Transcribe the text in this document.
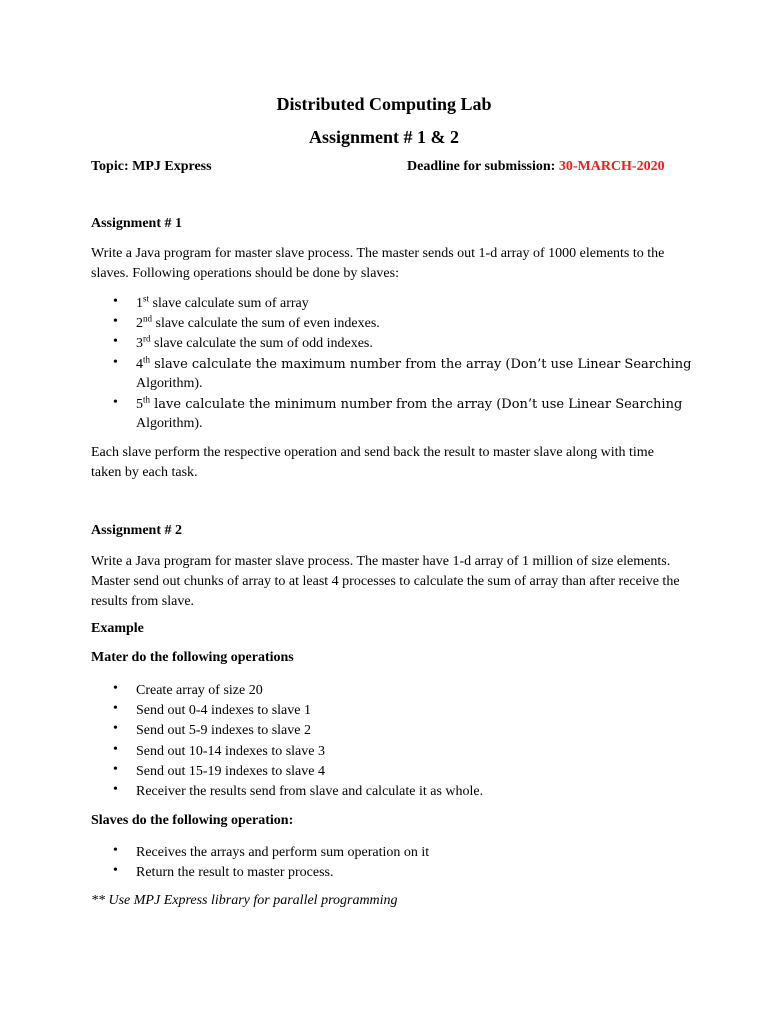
Distributed Computing Lab
Assignment # 1 & 2
Topic: MPJ Express	Deadline for submission: 30-MARCH-2020
Assignment # 1
Write a Java program for master slave process. The master sends out 1-d array of 1000 elements to the slaves. Following operations should be done by slaves:
• 1st slave calculate sum of array
• 2nd slave calculate the sum of even indexes.
• 3rd slave calculate the sum of odd indexes.
• 4th slave calculate the maximum number from the array (Don’t use Linear Searching
Algorithm).
• 5th lave calculate the minimum number from the array (Don’t use Linear Searching
Algorithm).
Each slave perform the respective operation and send back the result to master slave along with time taken by each task.
Assignment # 2
Write a Java program for master slave process. The master have 1-d array of 1 million of size elements. Master send out chunks of array to at least 4 processes to calculate the sum of array than after receive the results from slave.
Example
Mater do the following operations
• Create array of size 20
• Send out 0-4 indexes to slave 1
• Send out 5-9 indexes to slave 2
• Send out 10-14 indexes to slave 3
• Send out 15-19 indexes to slave 4
• Receiver the results send from slave and calculate it as whole.
Slaves do the following operation:
• Receives the arrays and perform sum operation on it
• Return the result to master process.
** Use MPJ Express library for parallel programming
